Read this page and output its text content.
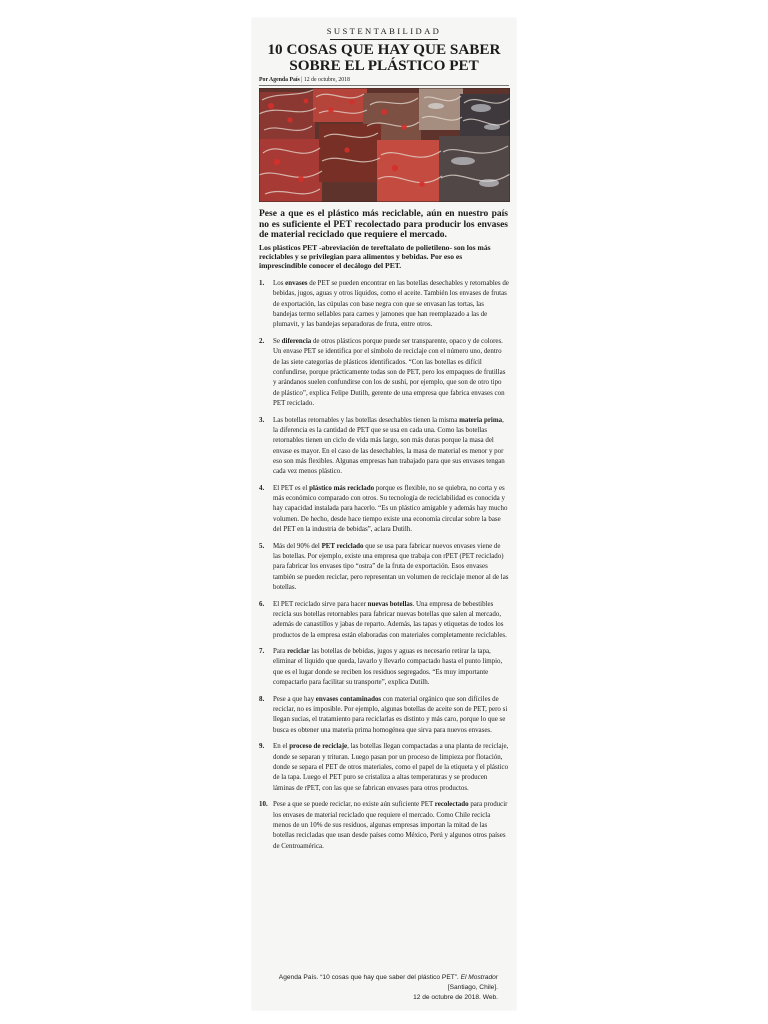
SUSTENTABILIDAD
10 COSAS QUE HAY QUE SABER
SOBRE EL PLÁSTICO PET
Por Agenda País | 12 de octubre, 2018
Pese a que es el plástico más reciclable, aún en nuestro país no es suficiente el PET recolectado para producir los envases de material reciclado que requiere el mercado.
Los plásticos PET -abreviación de tereftalato de polietileno- son los más reciclables y se privilegian para alimentos y bebidas. Por eso es imprescindible conocer el decálogo del PET.
1.	Los envases de PET se pueden encontrar en las botellas desechables y retornables de bebidas, jugos, aguas y otros líquidos, como el aceite. También los envases de frutas de exportación, las cúpulas con base negra con que se envasan las tortas, las bandejas termo sellables para carnes y jamones que han reemplazado a las de plumavit, y las bandejas separadoras de fruta, entre otros.
2.	Se diferencia de otros plásticos porque puede ser transparente, opaco y de colores. Un envase PET se identifica por el símbolo de reciclaje con el número uno, dentro de las siete categorías de plásticos identificados. “Con las botellas es difícil confundirse, porque prácticamente todas son de PET, pero los empaques de frutillas y arándanos suelen confundirse con los de sushi, por ejemplo, que son de otro tipo de plástico”, explica Felipe Dutilh, gerente de una empresa que fabrica envases con PET reciclado.
3.	Las botellas retornables y las botellas desechables tienen la misma materia prima, la diferencia es la cantidad de PET que se usa en cada una. Como las botellas retornables tienen un ciclo de vida más largo, son más duras porque la masa del envase es mayor. En el caso de las desechables, la masa de material es menor y por eso son más flexibles. Algunas empresas han trabajado para que sus envases tengan cada vez menos plástico.
4.	El PET es el plástico más reciclado porque es flexible, no se quiebra, no corta y es más económico comparado con otros. Su tecnología de reciclabilidad es conocida y hay capacidad instalada para hacerlo. “Es un plástico amigable y además hay mucho volumen. De hecho, desde hace tiempo existe una economía circular sobre la base del PET en la industria de bebidas”, aclara Dutilh.
5.	Más del 90% del PET reciclado que se usa para fabricar nuevos envases viene de las botellas. Por ejemplo, existe una empresa que trabaja con rPET (PET reciclado) para fabricar los envases tipo “ostra” de la fruta de exportación. Esos envases también se pueden reciclar, pero representan un volumen de reciclaje menor al de las botellas.
6.	El PET reciclado sirve para hacer nuevas botellas. Una empresa de bebestibles recicla sus botellas retornables para fabricar nuevas botellas que salen al mercado, además de canastillos y jabas de reparto. Además, las tapas y etiquetas de todos los productos de la empresa están elaboradas con materiales completamente reciclables.
7.	Para reciclar las botellas de bebidas, jugos y aguas es necesario retirar la tapa, eliminar el líquido que queda, lavarlo y llevarlo compactado hasta el punto limpio, que es el lugar donde se reciben los residuos segregados. “Es muy importante compactarlo para facilitar su transporte”, explica Dutilh.
8.	Pese a que hay envases contaminados con material orgánico que son difíciles de reciclar, no es imposible. Por ejemplo, algunas botellas de aceite son de PET, pero si llegan sucias, el tratamiento para reciclarlas es distinto y más caro, porque lo que se busca es obtener una materia prima homogénea que sirva para nuevos envases.
9.	En el proceso de reciclaje, las botellas llegan compactadas a una planta de reciclaje, donde se separan y trituran. Luego pasan por un proceso de limpieza por flotación, donde se separa el PET de otros materiales, como el papel de la etiqueta y el plástico de la tapa. Luego el PET puro se cristaliza a altas temperaturas y se producen láminas de rPET, con las que se fabrican envases para otros productos.
10. Pese a que se puede reciclar, no existe aún suficiente PET recolectado para producir los envases de material reciclado que requiere el mercado. Como Chile recicla menos de un 10% de sus residuos, algunas empresas importan la mitad de las botellas recicladas que usan desde países como México, Perú y algunos otros países de Centroamérica.
Agenda País. “10 cosas que hay que saber del plástico PET”. El Mostrador [Santiago, Chile].
12 de octubre de 2018. Web.
